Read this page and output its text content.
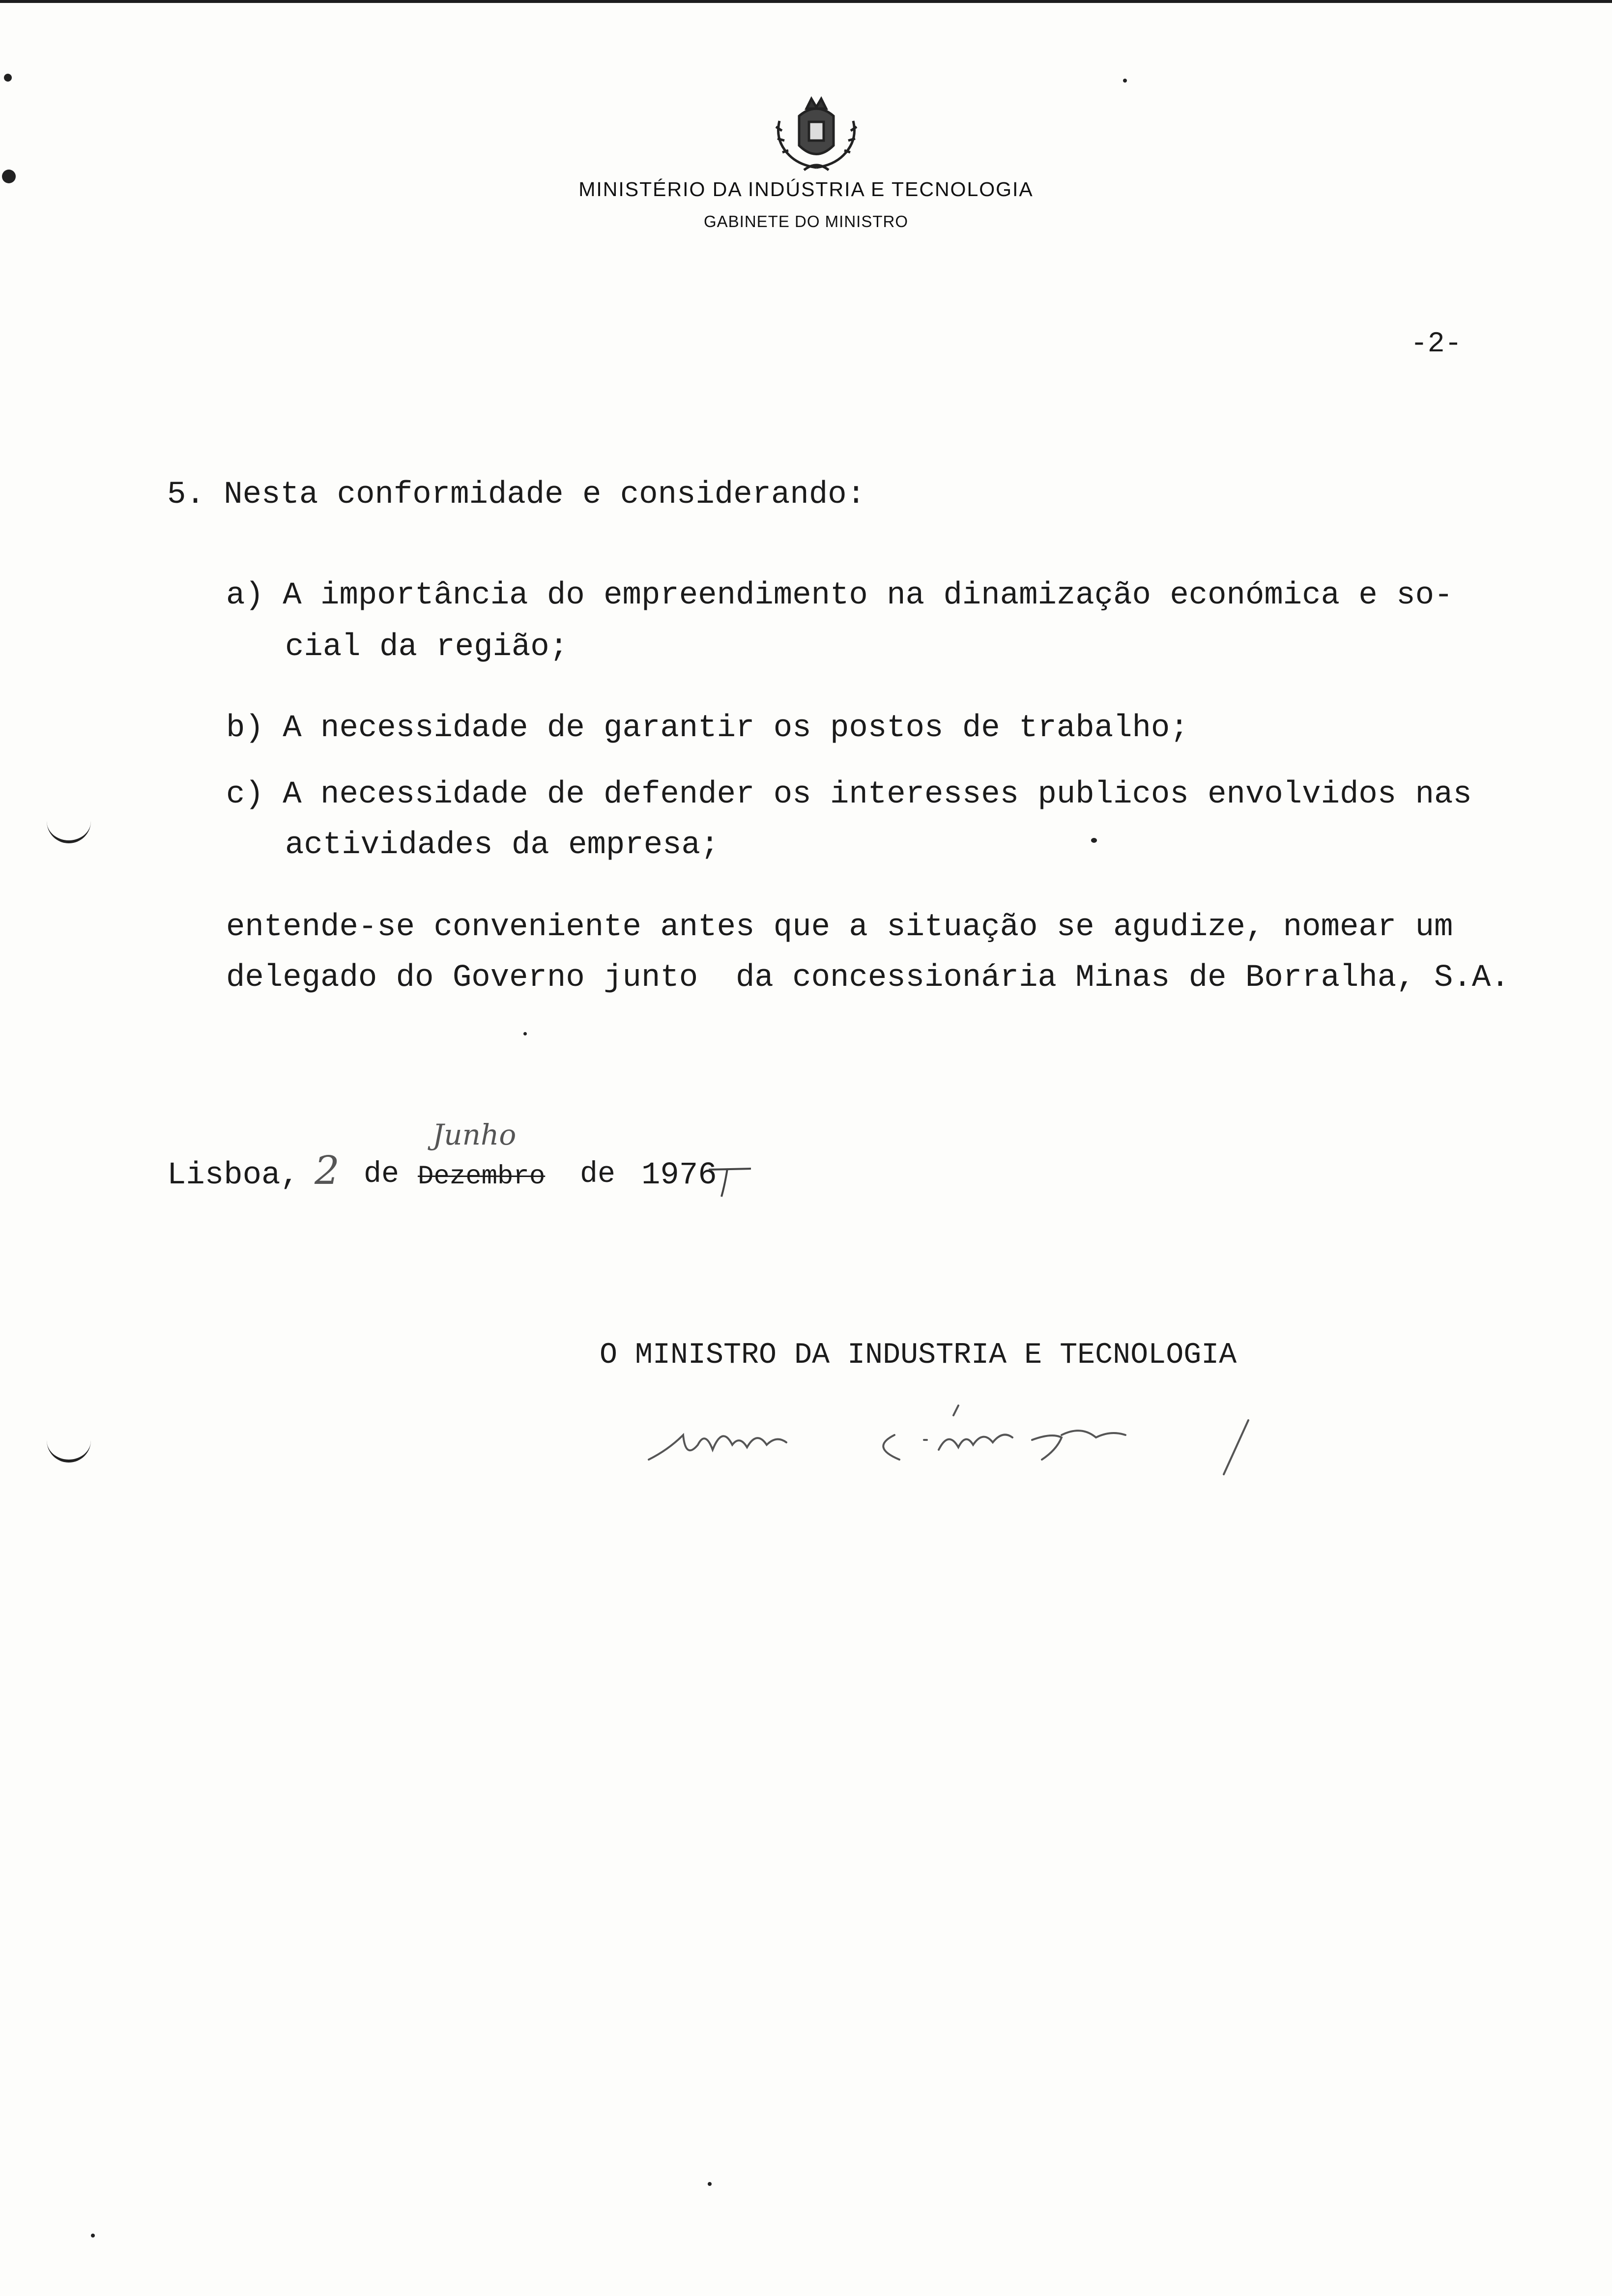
MINISTÉRIO DA INDÚSTRIA E TECNOLOGIA
GABINETE DO MINISTRO
-2-
5. Nesta conformidade e considerando:
a) A importância do empreendimento na dinamização económica e so-
cial da região;
b) A necessidade de garantir os postos de trabalho;
c) A necessidade de defender os interesses publicos envolvidos nas
actividades da empresa;
entende-se conveniente antes que a situação se agudize, nomear um
delegado do Governo junto  da concessionária Minas de Borralha, S.A.
Lisboa, 2 de Dezembro
Junho
de 1976
O MINISTRO DA INDUSTRIA E TECNOLOGIA
